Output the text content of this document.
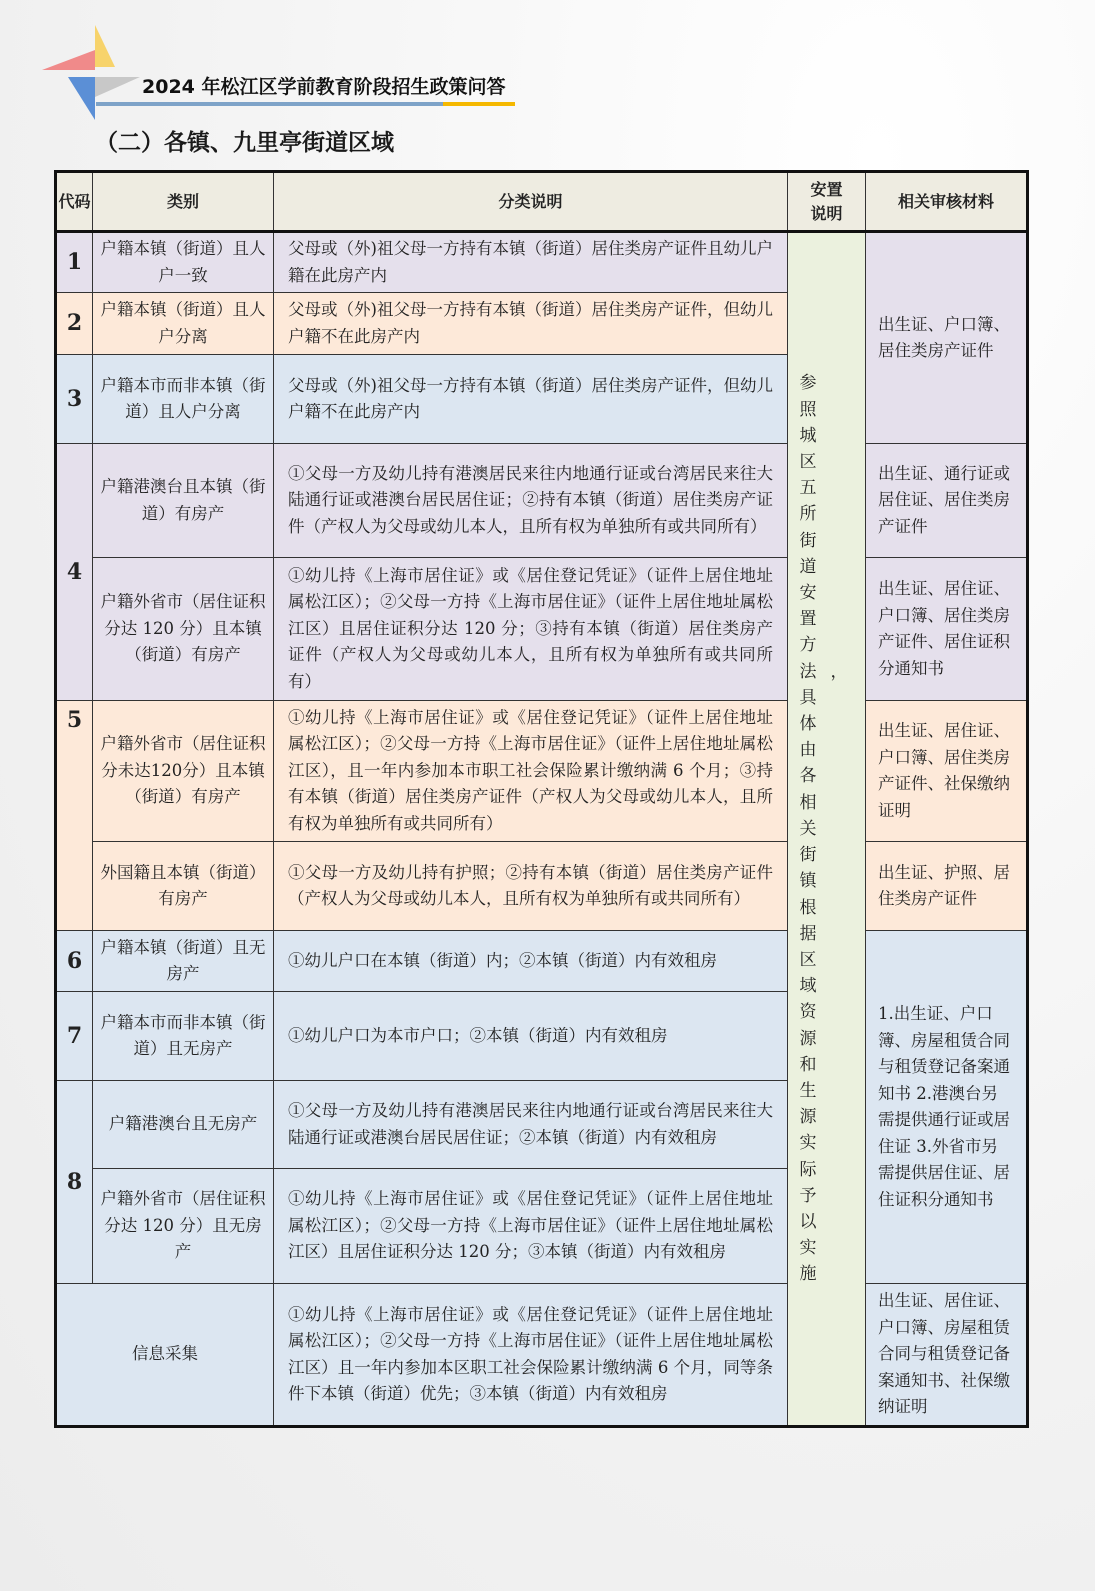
2024 年松江区学前教育阶段招生政策问答
（二）各镇、九里亭街道区域
代码	类别	分类说明	安置说明	相关审核材料
1	户籍本镇（街道）且人户一致	父母或（外)祖父母一方持有本镇（街道）居住类房产证件且幼儿户籍在此房产内	参照城区五所街道安置方法，具体由各相关街镇根据区域资源和生源实际予以实施	出生证、户口簿、居住类房产证件
2	户籍本镇（街道）且人户分离	父母或（外)祖父母一方持有本镇（街道）居住类房产证件，但幼儿户籍不在此房产内		
3	户籍本市而非本镇（街道）且人户分离	父母或（外)祖父母一方持有本镇（街道）居住类房产证件，但幼儿户籍不在此房产内		
4	户籍港澳台且本镇（街道）有房产	①父母一方及幼儿持有港澳居民来往内地通行证或台湾居民来往大陆通行证或港澳台居民居住证；②持有本镇（街道）居住类房产证件（产权人为父母或幼儿本人，且所有权为单独所有或共同所有）		出生证、通行证或居住证、居住类房产证件
	户籍外省市（居住证积分达 120 分）且本镇（街道）有房产	①幼儿持《上海市居住证》或《居住登记凭证》（证件上居住地址属松江区）；②父母一方持《上海市居住证》（证件上居住地址属松江区）且居住证积分达 120 分；③持有本镇（街道）居住类房产证件（产权人为父母或幼儿本人，且所有权为单独所有或共同所有）		出生证、居住证、户口簿、居住类房产证件、居住证积分通知书
5	户籍外省市（居住证积分未达120分）且本镇（街道）有房产	①幼儿持《上海市居住证》或《居住登记凭证》（证件上居住地址属松江区）；②父母一方持《上海市居住证》（证件上居住地址属松江区），且一年内参加本市职工社会保险累计缴纳满 6 个月；③持有本镇（街道）居住类房产证件（产权人为父母或幼儿本人，且所有权为单独所有或共同所有）		出生证、居住证、户口簿、居住类房产证件、社保缴纳证明
	外国籍且本镇（街道）有房产	①父母一方及幼儿持有护照；②持有本镇（街道）居住类房产证件（产权人为父母或幼儿本人，且所有权为单独所有或共同所有）		出生证、护照、居住类房产证件
6	户籍本镇（街道）且无房产	①幼儿户口在本镇（街道）内；②本镇（街道）内有效租房		1.出生证、户口簿、房屋租赁合同与租赁登记备案通知书 2.港澳台另需提供通行证或居住证 3.外省市另需提供居住证、居住证积分通知书
7	户籍本市而非本镇（街道）且无房产	①幼儿户口为本市户口；②本镇（街道）内有效租房		
8	户籍港澳台且无房产	①父母一方及幼儿持有港澳居民来往内地通行证或台湾居民来往大陆通行证或港澳台居民居住证；②本镇（街道）内有效租房		
	户籍外省市（居住证积分达 120 分）且无房产	①幼儿持《上海市居住证》或《居住登记凭证》（证件上居住地址属松江区）；②父母一方持《上海市居住证》（证件上居住地址属松江区）且居住证积分达 120 分；③本镇（街道）内有效租房		
信息采集		①幼儿持《上海市居住证》或《居住登记凭证》（证件上居住地址属松江区）；②父母一方持《上海市居住证》（证件上居住地址属松江区）且一年内参加本区职工社会保险累计缴纳满 6 个月，同等条件下本镇（街道）优先；③本镇（街道）内有效租房		出生证、居住证、户口簿、房屋租赁合同与租赁登记备案通知书、社保缴纳证明
